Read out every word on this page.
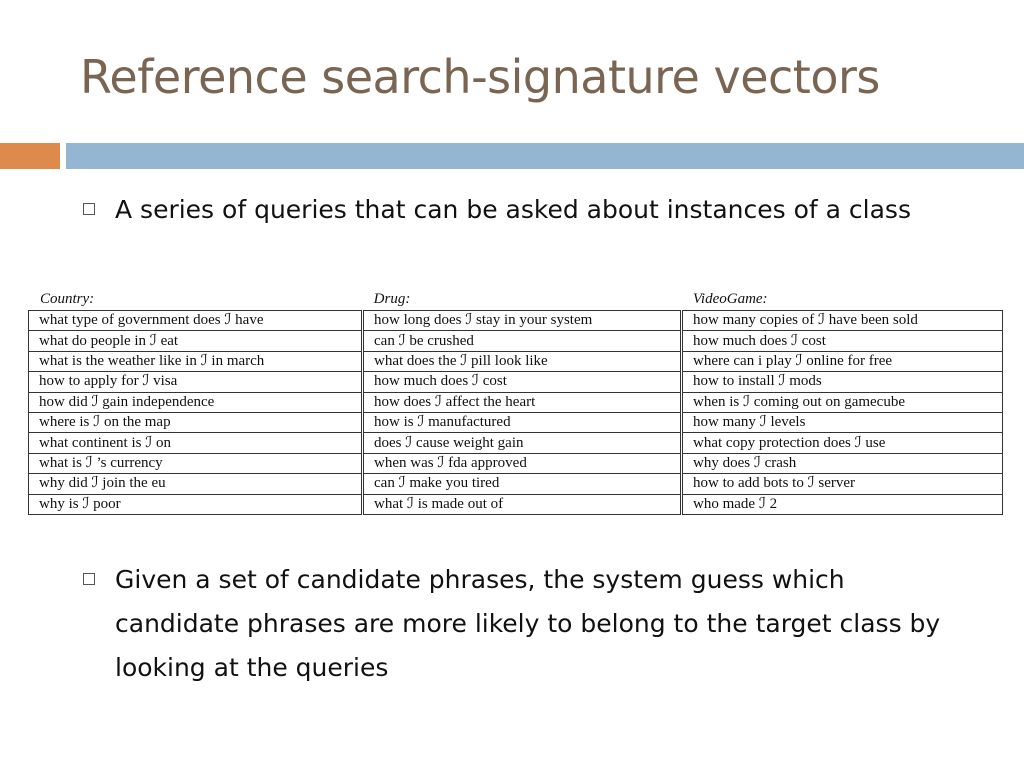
Reference search-signature vectors
A series of queries that can be asked about instances of a class
Country:	Drug:	VideoGame:
what type of government does ℐ have	how long does ℐ stay in your system	how many copies of ℐ have been sold
what do people in ℐ eat	can ℐ be crushed	how much does ℐ cost
what is the weather like in ℐ in march	what does the ℐ pill look like	where can i play ℐ online for free
how to apply for ℐ visa	how much does ℐ cost	how to install ℐ mods
how did ℐ gain independence	how does ℐ affect the heart	when is ℐ coming out on gamecube
where is ℐ on the map	how is ℐ manufactured	how many ℐ levels
what continent is ℐ on	does ℐ cause weight gain	what copy protection does ℐ use
what is ℐ ’s currency	when was ℐ fda approved	why does ℐ crash
why did ℐ join the eu	can ℐ make you tired	how to add bots to ℐ server
why is ℐ poor	what ℐ is made out of	who made ℐ 2
Given a set of candidate phrases, the system guess which candidate phrases are more likely to belong to the target class by looking at the queries
